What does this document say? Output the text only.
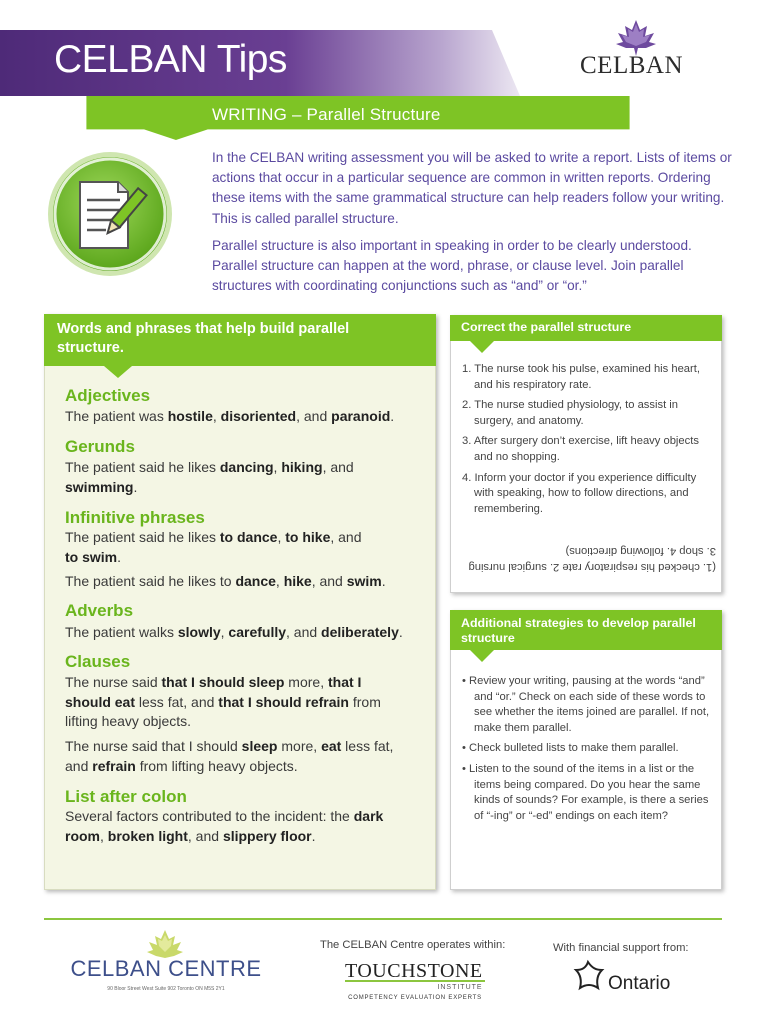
CELBAN Tips
WRITING – Parallel Structure
CELBAN

In the CELBAN writing assessment you will be asked to write a report. Lists of items or actions that occur in a particular sequence are common in written reports. Ordering these items with the same grammatical structure can help readers follow your writing. This is called parallel structure.

Parallel structure is also important in speaking in order to be clearly understood. Parallel structure can happen at the word, phrase, or clause level. Join parallel structures with coordinating conjunctions such as “and” or “or.”

Words and phrases that help build parallel structure.
Adjectives

The patient was hostile, disoriented, and paranoid.

Gerunds

The patient said he likes dancing, hiking, and swimming.

Infinitive phrases

The patient said he likes to dance, to hike, and to swim.

The patient said he likes to dance, hike, and swim.

Adverbs

The patient walks slowly, carefully, and deliberately.

Clauses

The nurse said that I should sleep more, that I should eat less fat, and that I should refrain from lifting heavy objects.

The nurse said that I should sleep more, eat less fat, and refrain from lifting heavy objects.

List after colon

Several factors contributed to the incident: the dark room, broken light, and slippery floor.

Correct the parallel structure
1. The nurse took his pulse, examined his heart, and his respiratory rate.
2. The nurse studied physiology, to assist in surgery, and anatomy.
3. After surgery don’t exercise, lift heavy objects and no shopping.
4. Inform your doctor if you experience difficulty with speaking, how to follow directions, and remembering.
(1. checked his respiratory rate 2. surgical nursing 3. shop 4. following directions)
Additional strategies to develop parallel structure
• Review your writing, pausing at the words “and” and “or.” Check on each side of these words to see whether the items joined are parallel. If not, make them parallel.
• Check bulleted lists to make them parallel.
• Listen to the sound of the items in a list or the items being compared. Do you hear the same kinds of sounds? For example, is there a series of “-ing” or “-ed” endings on each item?
CELBAN CENTRE
90 Bloor Street West Suite 902 Toronto ON M5S 2Y1
The CELBAN Centre operates within:
TOUCHSTONE
INSTITUTE
COMPETENCY EVALUATION EXPERTS
With financial support from:
Ontario
